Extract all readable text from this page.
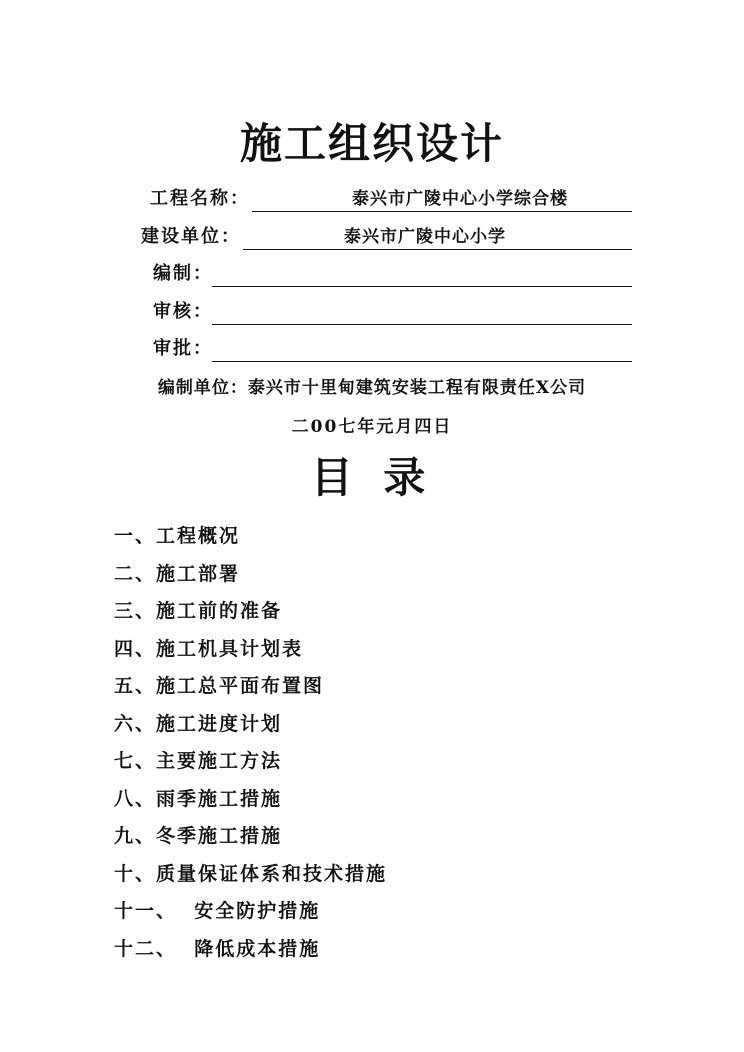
施工组织设计
工程名称：	泰兴市广陵中心小学综合楼
建设单位：	泰兴市广陵中心小学
编制：
审核：
审批：
编制单位：泰兴市十里甸建筑安装工程有限责任X公司
二00七年元月四日
目 录
一、工程概况
二、施工部署
三、施工前的准备
四、施工机具计划表
五、施工总平面布置图
六、施工进度计划
七、主要施工方法
八、雨季施工措施
九、冬季施工措施
十、质量保证体系和技术措施
十一、  安全防护措施
十二、  降低成本措施
